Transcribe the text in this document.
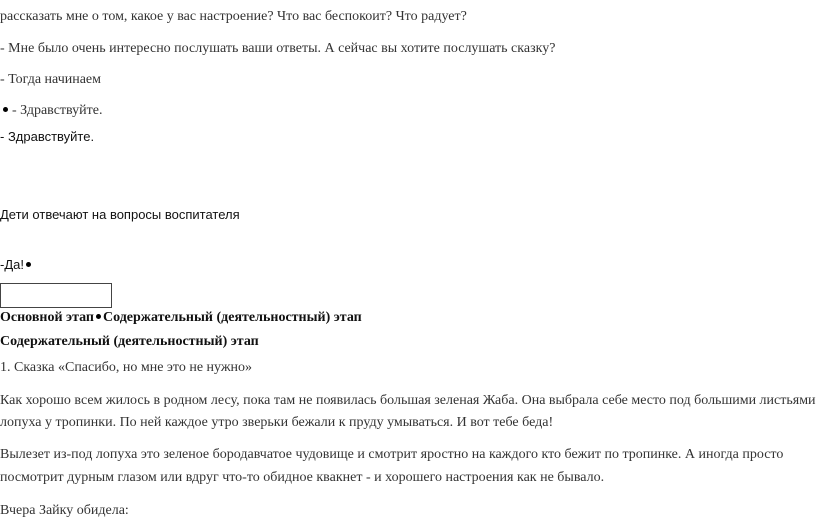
рассказать мне о том, какое у вас настроение? Что вас беспокоит? Что радует?
- Мне было очень интересно послушать ваши ответы. А сейчас вы хотите послушать сказку?
- Тогда начинаем
- Здравствуйте.
- Здравствуйте.
Дети отвечают на вопросы воспитателя
-Да!
Основной этап Содержательный (деятельностный) этап
Содержательный (деятельностный) этап
1. Сказка «Спасибо, но мне это не нужно»
Как хорошо всем жилось в родном лесу, пока там не появилась большая зеленая Жаба. Она выбрала себе место под большими листьями
лопуха у тропинки. По ней каждое утро зверьки бежали к пруду умываться. И вот тебе беда!
Вылезет из-под лопуха это зеленое бородавчатое чудовище и смотрит яростно на каждого кто бежит по тропинке. А иногда просто
посмотрит дурным глазом или вдруг что-то обидное квакнет - и хорошего настроения как не бывало.
Вчера Зайку обидела:
